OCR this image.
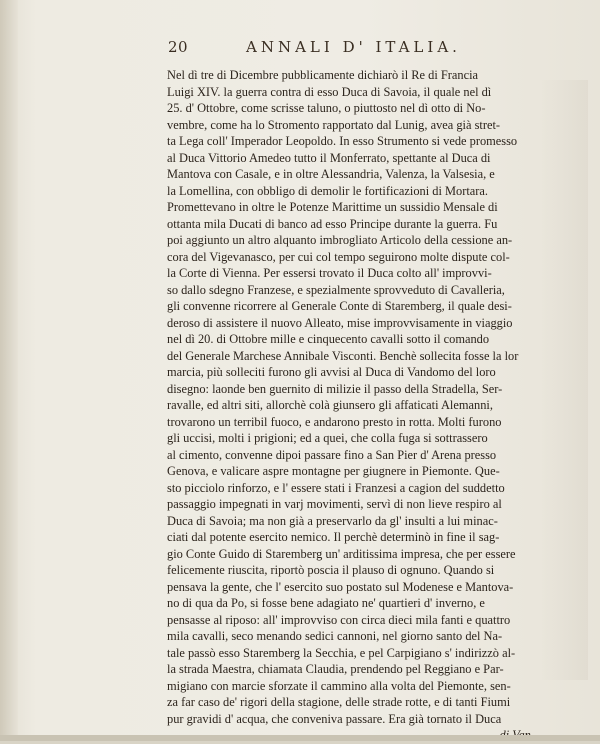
20	ANNALI D' ITALIA.
Nel dì tre di Dicembre pubblicamente dichiarò il Re di Francia
Luigi XIV. la guerra contra di esso Duca di Savoia, il quale nel dì
25. d' Ottobre, come scrisse taluno, o piuttosto nel dì otto di No-
vembre, come ha lo Stromento rapportato dal Lunig, avea già stret-
ta Lega coll' Imperador Leopoldo. In esso Strumento si vede promesso
al Duca Vittorio Amedeo tutto il Monferrato, spettante al Duca di
Mantova con Casale, e in oltre Alessandria, Valenza, la Valsesia, e
la Lomellina, con obbligo di demolir le fortificazioni di Mortara.
Promettevano in oltre le Potenze Marittime un sussidio Mensale di
ottanta mila Ducati di banco ad esso Principe durante la guerra. Fu
poi aggiunto un altro alquanto imbrogliato Articolo della cessione an-
cora del Vigevanasco, per cui col tempo seguirono molte dispute col-
la Corte di Vienna. Per essersi trovato il Duca colto all' improvvi-
so dallo sdegno Franzese, e spezialmente sprovveduto di Cavalleria,
gli convenne ricorrere al Generale Conte di Staremberg, il quale desi-
deroso di assistere il nuovo Alleato, mise improvvisamente in viaggio
nel dì 20. di Ottobre mille e cinquecento cavalli sotto il comando
del Generale Marchese Annibale Visconti. Benchè sollecita fosse la lor
marcia, più solleciti furono gli avvisi al Duca di Vandomo del loro
disegno: laonde ben guernito di milizie il passo della Stradella, Ser-
ravalle, ed altri siti, allorchè colà giunsero gli affaticati Alemanni,
trovarono un terribil fuoco, e andarono presto in rotta. Molti furono
gli uccisi, molti i prigioni; ed a quei, che colla fuga si sottrassero
al cimento, convenne dipoi passare fino a San Pier d' Arena presso
Genova, e valicare aspre montagne per giugnere in Piemonte. Que-
sto picciolo rinforzo, e l' essere stati i Franzesi a cagion del suddetto
passaggio impegnati in varj movimenti, servì di non lieve respiro al
Duca di Savoia; ma non già a preservarlo da gl' insulti a lui minac-
ciati dal potente esercito nemico. Il perchè determinò in fine il sag-
gio Conte Guido di Staremberg un' arditissima impresa, che per essere
felicemente riuscita, riportò poscia il plauso di ognuno. Quando si
pensava la gente, che l' esercito suo postato sul Modenese e Mantova-
no di qua da Po, si fosse bene adagiato ne' quartieri d' inverno, e
pensasse al riposo: all' improvviso con circa dieci mila fanti e quattro
mila cavalli, seco menando sedici cannoni, nel giorno santo del Na-
tale passò esso Staremberg la Secchia, e pel Carpigiano s' indirizzò al-
la strada Maestra, chiamata Claudia, prendendo pel Reggiano e Par-
migiano con marcie sforzate il cammino alla volta del Piemonte, sen-
za far caso de' rigori della stagione, delle strade rotte, e di tanti Fiumi
pur gravidi d' acqua, che conveniva passare. Era già tornato il Duca
